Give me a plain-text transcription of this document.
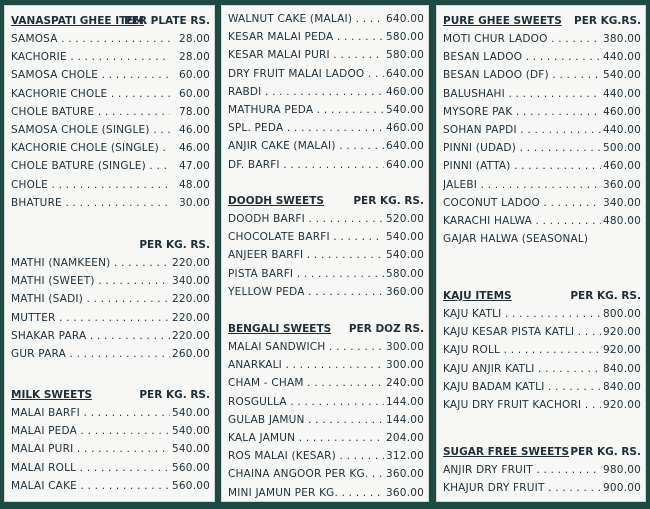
VANASPATI GHEE ITEM
PER PLATE RS.
SAMOSA . . .	28.00
KACHORIE . . .	28.00
SAMOSA CHOLE . . .	60.00
KACHORIE CHOLE . . .	60.00
CHOLE BATURE . . .	78.00
SAMOSA CHOLE (SINGLE) . . .	46.00
KACHORIE CHOLE (SINGLE) . . .	46.00
CHOLE BATURE (SINGLE) . . .	47.00
CHOLE . . .	48.00
BHATURE . . .	30.00
PER KG. RS.
MATHI (NAMKEEN) . . .	220.00
MATHI (SWEET) . . .	340.00
MATHI (SADI) . . .	220.00
MUTTER . . .	220.00
SHAKAR PARA . . .	220.00
GUR PARA . . .	260.00
MILK SWEETS	PER KG. RS.
MALAI BARFI . . .	540.00
MALAI PEDA . . .	540.00
MALAI PURI . . .	540.00
MALAI ROLL . . .	560.00
MALAI CAKE . . .	560.00
WALNUT CAKE (MALAI) . . .	640.00
KESAR MALAI PEDA . . .	580.00
KESAR MALAI PURI . . .	580.00
DRY FRUIT MALAI LADOO . . .	640.00
RABDI . . .	460.00
MATHURA PEDA . . .	540.00
SPL. PEDA . . .	460.00
ANJIR CAKE (MALAI) . . .	640.00
DF. BARFI . . .	640.00
DOODH SWEETS	PER KG. RS.
DOODH BARFI . . .	520.00
CHOCOLATE BARFI . . .	540.00
ANJEER BARFI . . .	540.00
PISTA BARFI . . .	580.00
YELLOW PEDA . . .	360.00
BENGALI SWEETS PER DOZ RS.
MALAI SANDWICH . . .	300.00
ANARKALI . . .	300.00
CHAM - CHAM . . .	240.00
ROSGULLA . . .	144.00
GULAB JAMUN . . .	144.00
KALA JAMUN . . .	204.00
ROS MALAI (KESAR) . . .	312.00
CHAINA ANGOOR PER KG. . . .	360.00
MINI JAMUN PER KG. . . .	360.00
PURE GHEE SWEETS PER KG.RS.
MOTI CHUR LADOO . . .	380.00
BESAN LADOO . . .	440.00
BESAN LADOO (DF) . . .	540.00
BALUSHAHI . . .	440.00
MYSORE PAK . . .	460.00
SOHAN PAPDI . . .	440.00
PINNI (UDAD) . . .	500.00
PINNI (ATTA) . . .	460.00
JALEBI . . .	360.00
COCONUT LADOO . . .	340.00
KARACHI HALWA . . .	480.00
GAJAR HALWA (SEASONAL)
KAJU ITEMS	PER KG. RS.
KAJU KATLI . . .	800.00
KAJU KESAR PISTA KATLI . . .	920.00
KAJU ROLL . . .	920.00
KAJU ANJIR KATLI . . .	840.00
KAJU BADAM KATLI . . .	840.00
KAJU DRY FRUIT KACHORI . . .	920.00
SUGAR FREE SWEETS PER KG. RS.
ANJIR DRY FRUIT . . .	980.00
KHAJUR DRY FRUIT . . .	900.00
